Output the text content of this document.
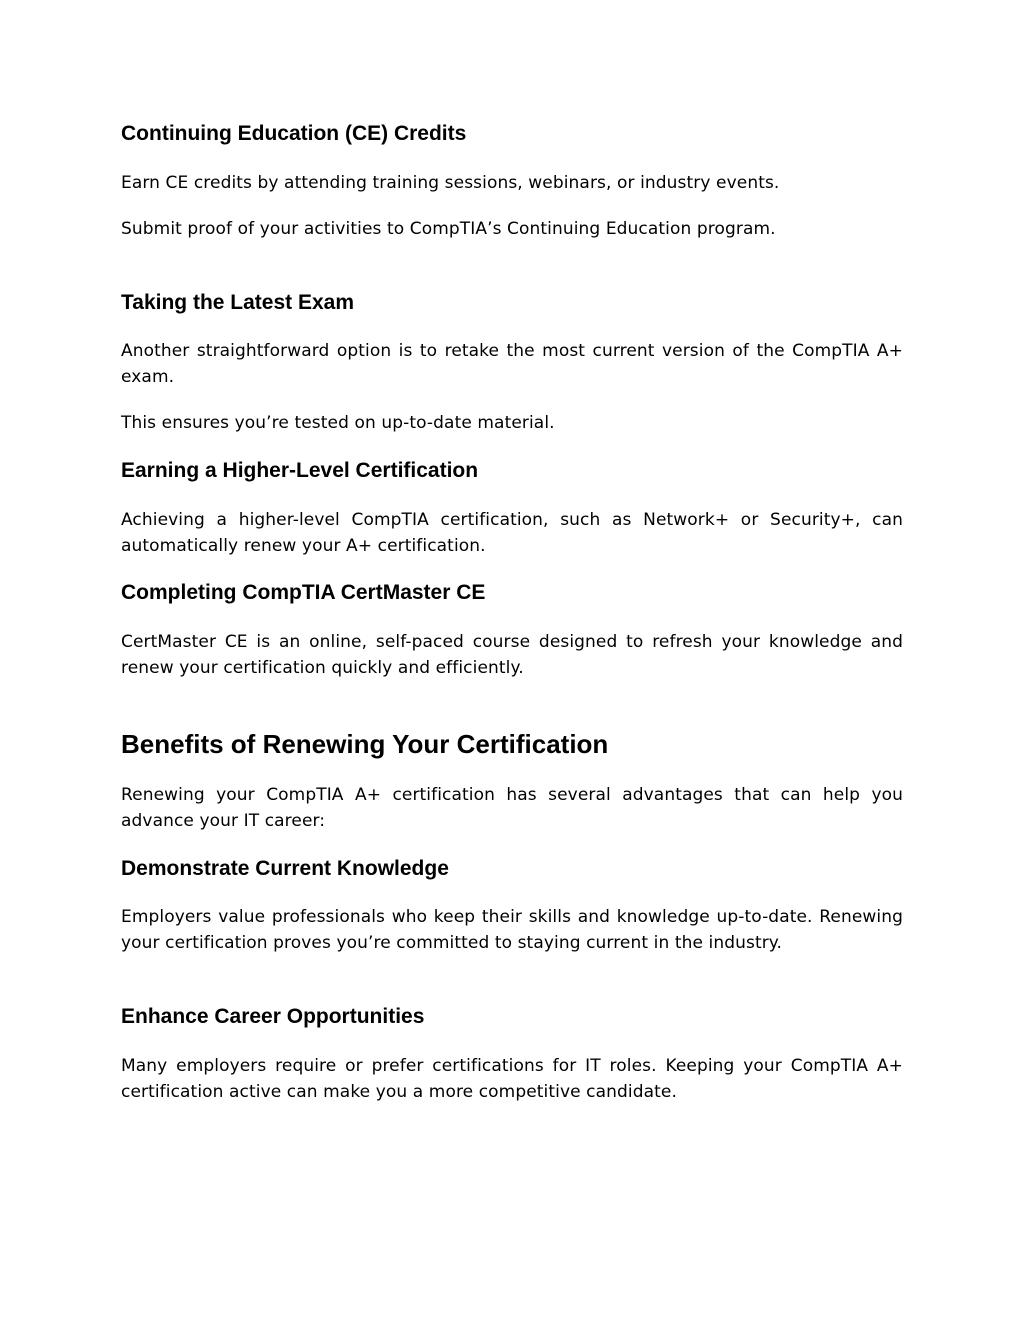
Continuing Education (CE) Credits

Earn CE credits by attending training sessions, webinars, or industry events.

Submit proof of your activities to CompTIA’s Continuing Education program.

Taking the Latest Exam

Another straightforward option is to retake the most current version of the CompTIA A+ exam.

This ensures you’re tested on up-to-date material.

Earning a Higher-Level Certification

Achieving a higher-level CompTIA certification, such as Network+ or Security+, can automatically renew your A+ certification.

Completing CompTIA CertMaster CE

CertMaster CE is an online, self-paced course designed to refresh your knowledge and renew your certification quickly and efficiently.

Benefits of Renewing Your Certification

Renewing your CompTIA A+ certification has several advantages that can help you advance your IT career:

Demonstrate Current Knowledge

Employers value professionals who keep their skills and knowledge up-to-date. Renewing your certification proves you’re committed to staying current in the industry.

Enhance Career Opportunities

Many employers require or prefer certifications for IT roles. Keeping your CompTIA A+ certification active can make you a more competitive candidate.
